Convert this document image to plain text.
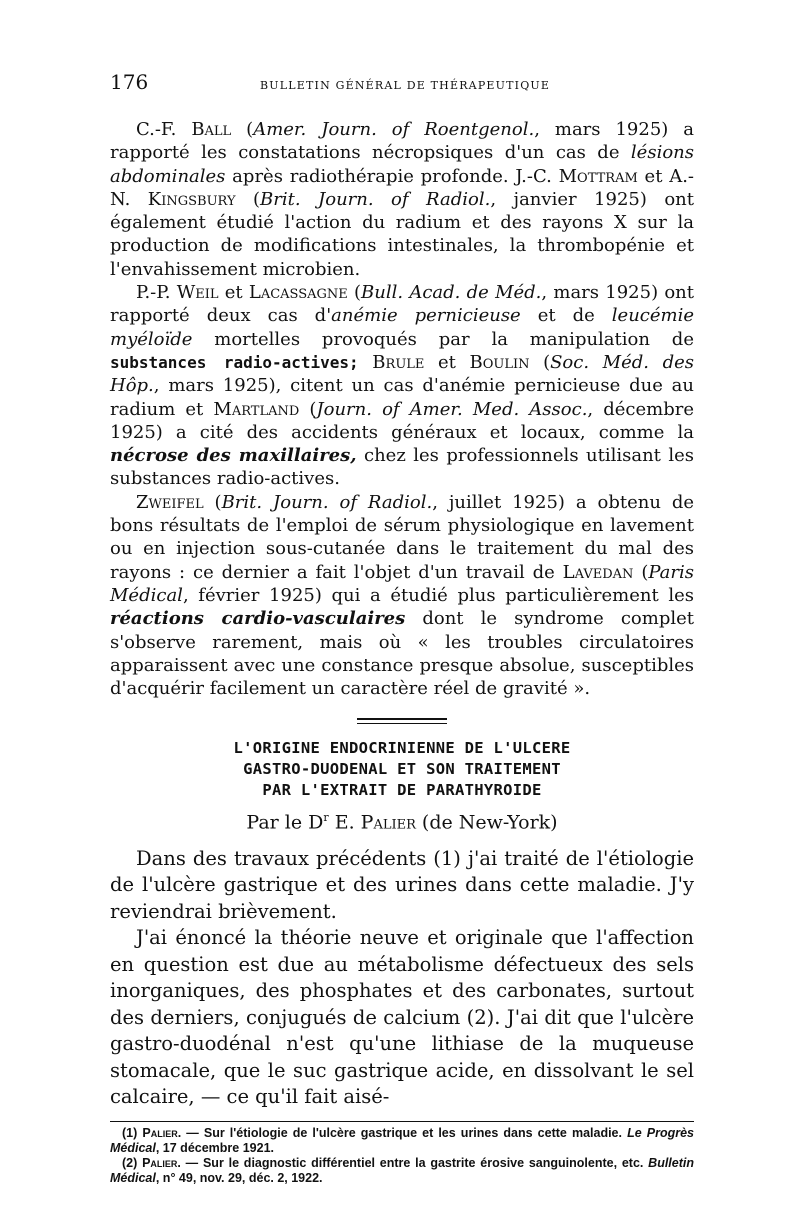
176	BULLETIN GÉNÉRAL DE THÉRAPEUTIQUE

C.-F. Ball (Amer. Journ. of Roentgenol., mars 1925) a rapporté les constatations nécropsiques d'un cas de lésions abdominales après radiothérapie profonde. J.-C. Mottram et A.-N. Kingsbury (Brit. Journ. of Radiol., janvier 1925) ont également étudié l'action du radium et des rayons X sur la production de modifications intestinales, la thrombopénie et l'envahissement microbien.

P.-P. Weil et Lacassagne (Bull. Acad. de Méd., mars 1925) ont rapporté deux cas d'anémie pernicieuse et de leucémie myéloïde mortelles provoqués par la manipulation de substances radio-actives; Brule et Boulin (Soc. Méd. des Hôp., mars 1925), citent un cas d'anémie pernicieuse due au radium et Martland (Journ. of Amer. Med. Assoc., décembre 1925) a cité des accidents généraux et locaux, comme la nécrose des maxillaires, chez les professionnels utilisant les substances radio-actives.

Zweifel (Brit. Journ. of Radiol., juillet 1925) a obtenu de bons résultats de l'emploi de sérum physiologique en lavement ou en injection sous-cutanée dans le traitement du mal des rayons : ce dernier a fait l'objet d'un travail de Lavedan (Paris Médical, février 1925) qui a étudié plus particulièrement les réactions cardio-vasculaires dont le syndrome complet s'observe rarement, mais où « les troubles circulatoires apparaissent avec une constance presque absolue, susceptibles d'acquérir facilement un caractère réel de gravité ».

L'ORIGINE ENDOCRINIENNE DE L'ULCERE
GASTRO-DUODENAL ET SON TRAITEMENT
PAR L'EXTRAIT DE PARATHYROIDE
Par le $D^r$ E. Palier (de New-York)

Dans des travaux précédents (1) j'ai traité de l'étiologie de l'ulcère gastrique et des urines dans cette maladie. J'y reviendrai brièvement.

J'ai énoncé la théorie neuve et originale que l'affection en question est due au métabolisme défectueux des sels inorganiques, des phosphates et des carbonates, surtout des derniers, conjugués de calcium (2). J'ai dit que l'ulcère gastro-duodénal n'est qu'une lithiase de la muqueuse stomacale, que le suc gastrique acide, en dissolvant le sel calcaire, — ce qu'il fait aisé-

(1) Palier. — Sur l'étiologie de l'ulcère gastrique et les urines dans cette maladie. Le Progrès Médical, 17 décembre 1921.

(2) Palier. — Sur le diagnostic différentiel entre la gastrite érosive sanguinolente, etc. Bulletin Médical, n° 49, nov. 29, déc. 2, 1922.
